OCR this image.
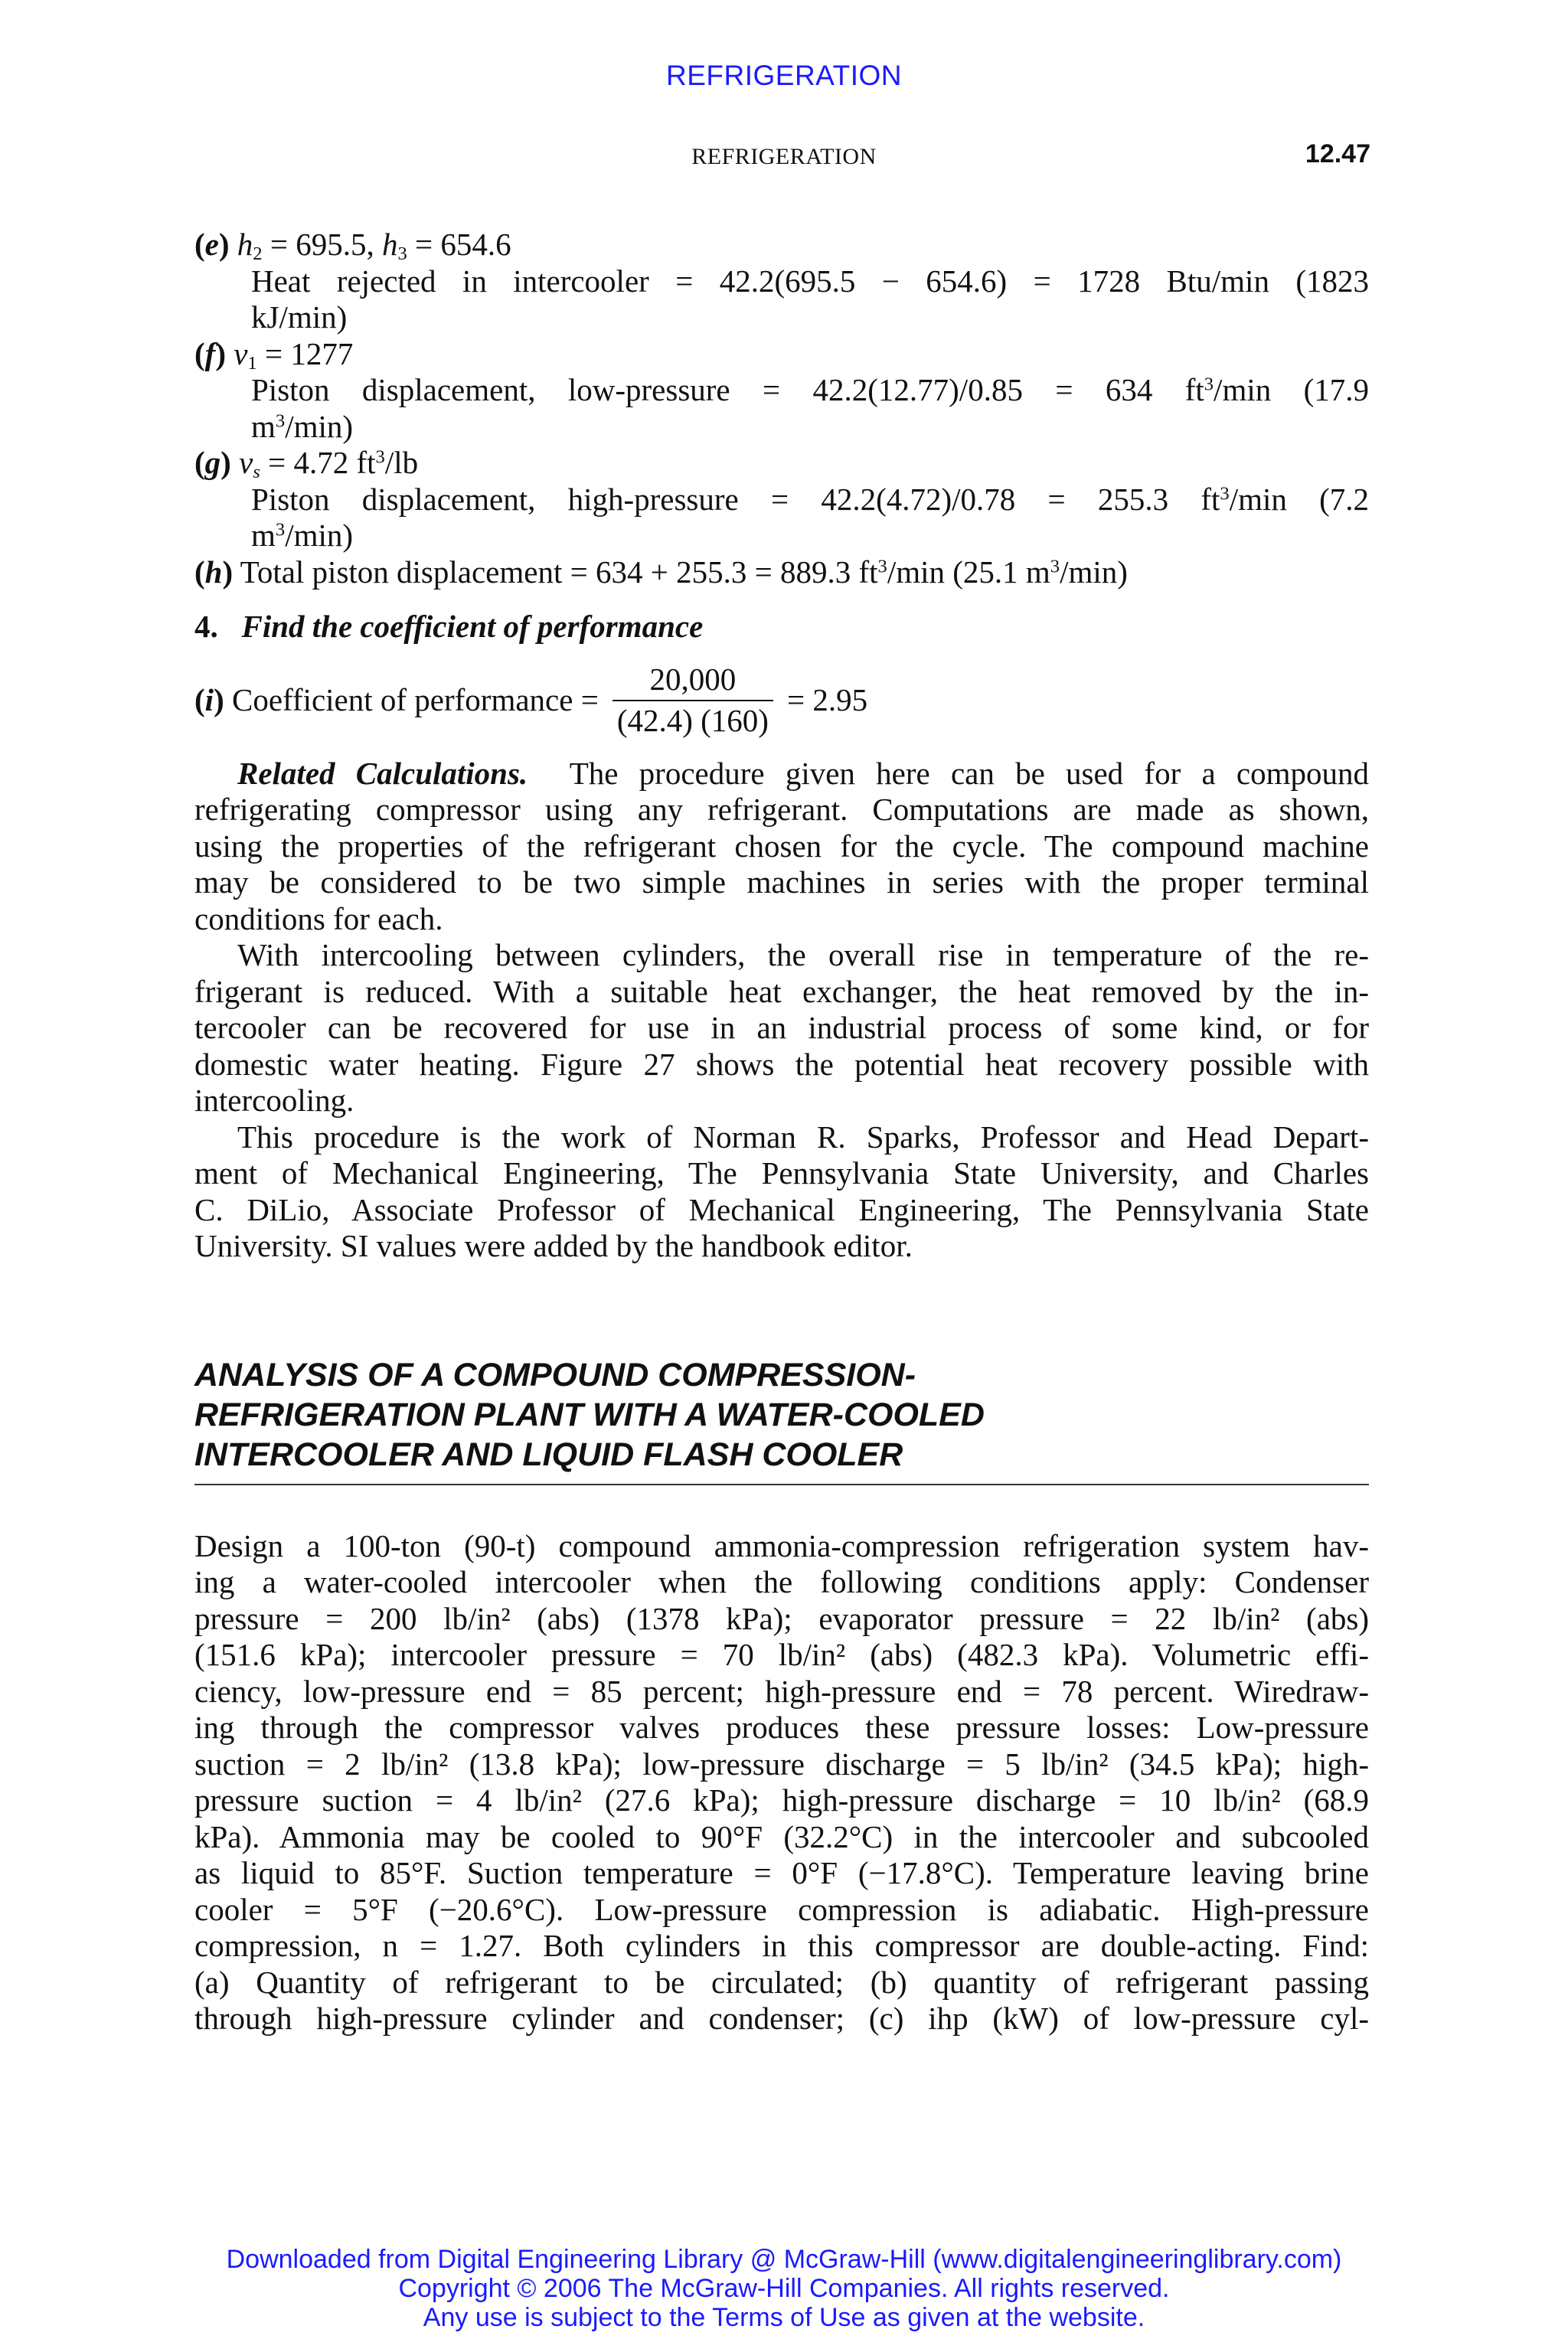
REFRIGERATION
REFRIGERATION	12.47
(e) $h_2 = 695.5$, $h_3 = 654.6$
Heat rejected in intercooler = 42.2(695.5 − 654.6) = 1728 Btu/min (1823
kJ/min)
(f) $v_1 = 1277$
Piston displacement, low-pressure = 42.2(12.77)/0.85 = 634 $ft^3/\min$ (17.9
$m^3/\min$)
(g) $v_s = 4.72$ $ft^3/lb$
Piston displacement, high-pressure = 42.2(4.72)/0.78 = 255.3 $ft^3/\min$ (7.2
$m^3/\min$)
(h) Total piston displacement = 634 + 255.3 = 889.3 $ft^3/\min$ (25.1 $m^3/\min$)
4. Find the coefficient of performance
(i)
Coefficient of performance = $\frac{20,000}{(42.4) (160)} = 2.95$
Related Calculations. The procedure given here can be used for a compound
refrigerating compressor using any refrigerant. Computations are made as shown,
using the properties of the refrigerant chosen for the cycle. The compound machine
may be considered to be two simple machines in series with the proper terminal
conditions for each.
With intercooling between cylinders, the overall rise in temperature of the re-
frigerant is reduced. With a suitable heat exchanger, the heat removed by the in-
tercooler can be recovered for use in an industrial process of some kind, or for
domestic water heating. Figure 27 shows the potential heat recovery possible with
intercooling.
This procedure is the work of Norman R. Sparks, Professor and Head Depart-
ment of Mechanical Engineering, The Pennsylvania State University, and Charles
C. DiLio, Associate Professor of Mechanical Engineering, The Pennsylvania State
University. SI values were added by the handbook editor.
ANALYSIS OF A COMPOUND COMPRESSION-
REFRIGERATION PLANT WITH A WATER-COOLED
INTERCOOLER AND LIQUID FLASH COOLER
Design a 100-ton (90-t) compound ammonia-compression refrigeration system hav-
ing a water-cooled intercooler when the following conditions apply: Condenser
pressure = 200 lb/in² (abs) (1378 kPa); evaporator pressure = 22 lb/in² (abs)
(151.6 kPa); intercooler pressure = 70 lb/in² (abs) (482.3 kPa). Volumetric effi-
ciency, low-pressure end = 85 percent; high-pressure end = 78 percent. Wiredraw-
ing through the compressor valves produces these pressure losses: Low-pressure
suction = 2 lb/in² (13.8 kPa); low-pressure discharge = 5 lb/in² (34.5 kPa); high-
pressure suction = 4 lb/in² (27.6 kPa); high-pressure discharge = 10 lb/in² (68.9
kPa). Ammonia may be cooled to 90°F (32.2°C) in the intercooler and subcooled
as liquid to 85°F. Suction temperature = 0°F (−17.8°C). Temperature leaving brine
cooler = 5°F (−20.6°C). Low-pressure compression is adiabatic. High-pressure
compression, n = 1.27. Both cylinders in this compressor are double-acting. Find:
(a) Quantity of refrigerant to be circulated; (b) quantity of refrigerant passing
through high-pressure cylinder and condenser; (c) ihp (kW) of low-pressure cyl-
Downloaded from Digital Engineering Library @ McGraw-Hill (www.digitalengineeringlibrary.com)
Copyright © 2006 The McGraw-Hill Companies. All rights reserved.
Any use is subject to the Terms of Use as given at the website.
